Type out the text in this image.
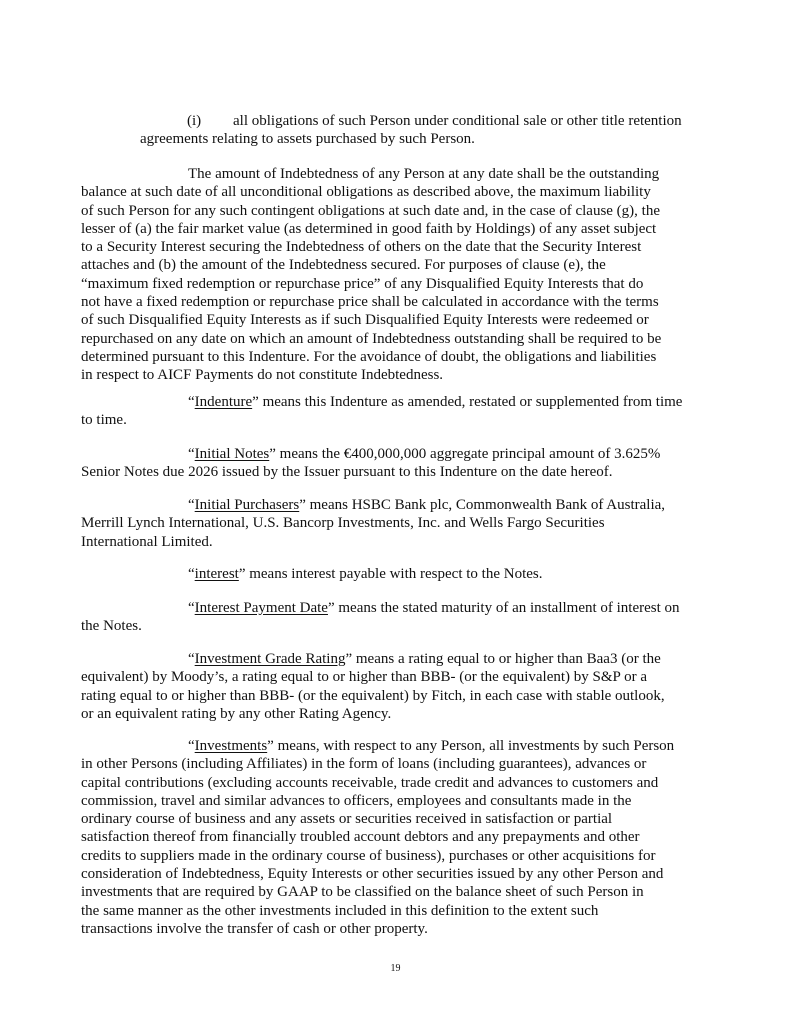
(i) all obligations of such Person under conditional sale or other title retention
agreements relating to assets purchased by such Person.

The amount of Indebtedness of any Person at any date shall be the outstanding
balance at such date of all unconditional obligations as described above, the maximum liability
of such Person for any such contingent obligations at such date and, in the case of clause (g), the
lesser of (a) the fair market value (as determined in good faith by Holdings) of any asset subject
to a Security Interest securing the Indebtedness of others on the date that the Security Interest
attaches and (b) the amount of the Indebtedness secured. For purposes of clause (e), the
“maximum fixed redemption or repurchase price” of any Disqualified Equity Interests that do
not have a fixed redemption or repurchase price shall be calculated in accordance with the terms
of such Disqualified Equity Interests as if such Disqualified Equity Interests were redeemed or
repurchased on any date on which an amount of Indebtedness outstanding shall be required to be
determined pursuant to this Indenture. For the avoidance of doubt, the obligations and liabilities
in respect to AICF Payments do not constitute Indebtedness.

“Indenture” means this Indenture as amended, restated or supplemented from time
to time.

“Initial Notes” means the €400,000,000 aggregate principal amount of 3.625%
Senior Notes due 2026 issued by the Issuer pursuant to this Indenture on the date hereof.

“Initial Purchasers” means HSBC Bank plc, Commonwealth Bank of Australia,
Merrill Lynch International, U.S. Bancorp Investments, Inc. and Wells Fargo Securities
International Limited.

“interest” means interest payable with respect to the Notes.

“Interest Payment Date” means the stated maturity of an installment of interest on
the Notes.

“Investment Grade Rating” means a rating equal to or higher than Baa3 (or the
equivalent) by Moody’s, a rating equal to or higher than BBB- (or the equivalent) by S&P or a
rating equal to or higher than BBB- (or the equivalent) by Fitch, in each case with stable outlook,
or an equivalent rating by any other Rating Agency.

“Investments” means, with respect to any Person, all investments by such Person
in other Persons (including Affiliates) in the form of loans (including guarantees), advances or
capital contributions (excluding accounts receivable, trade credit and advances to customers and
commission, travel and similar advances to officers, employees and consultants made in the
ordinary course of business and any assets or securities received in satisfaction or partial
satisfaction thereof from financially troubled account debtors and any prepayments and other
credits to suppliers made in the ordinary course of business), purchases or other acquisitions for
consideration of Indebtedness, Equity Interests or other securities issued by any other Person and
investments that are required by GAAP to be classified on the balance sheet of such Person in
the same manner as the other investments included in this definition to the extent such
transactions involve the transfer of cash or other property.

19
